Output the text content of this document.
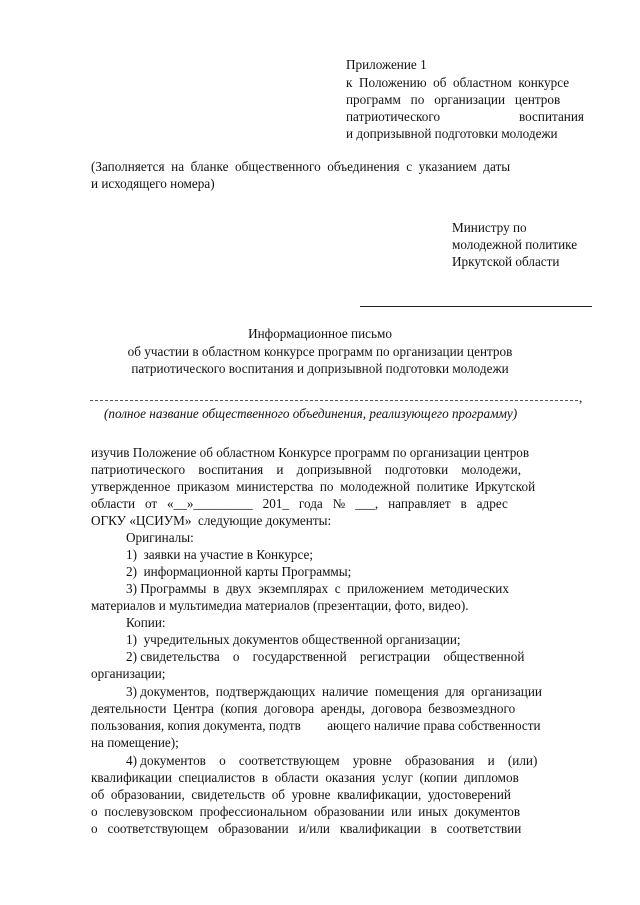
Приложение 1
к  Положению  об  областном  конкурсе
программ   по   организации   центров
патриотического	воспитания
и допризывной подготовки молодежи
(Заполняется  на  бланке  общественного  объединения  с  указанием  даты
и исходящего номера)
Министру по
молодежной политике
Иркутской области
Информационное письмо
об участии в областном конкурсе программ по организации центров
патриотического воспитания и допризывной подготовки молодежи
,
(полное название общественного объединения, реализующего программу)
изучив Положение об областном Конкурсе программ по организации центров
патриотического    воспитания    и    допризывной    подготовки    молодежи,
утвержденное  приказом  министерства  по  молодежной  политике  Иркутской
области   от   «__»_________   201_   года   №   ___,   направляет   в   адрес
ОГКУ «ЦСИУМ»  следующие документы:
Оригиналы:
1)  заявки на участие в Конкурсе;
2)  информационной карты Программы;
3) Программы  в  двух  экземплярах  с  приложением  методических
материалов и мультимедиа материалов (презентации, фото, видео).
Копии:
1)  учредительных документов общественной организации;
2) свидетельства    о    государственной    регистрации    общественной
организации;
3) документов,  подтверждающих  наличие  помещения  для  организации
деятельности  Центра  (копия  договора  аренды,  договора  безвозмездного
пользования, копия документа, подтв        ающего наличие права собственности
на помещение);
4) документов    о    соответствующем    уровне    образования    и    (или)
квалификации  специалистов  в  области  оказания  услуг  (копии  дипломов
об  образовании,  свидетельств  об  уровне  квалификации,  удостоверений
о  послевузовском  профессиональном  образовании  или  иных  документов
о   соответствующем   образовании   и/или   квалификации   в   соответствии
